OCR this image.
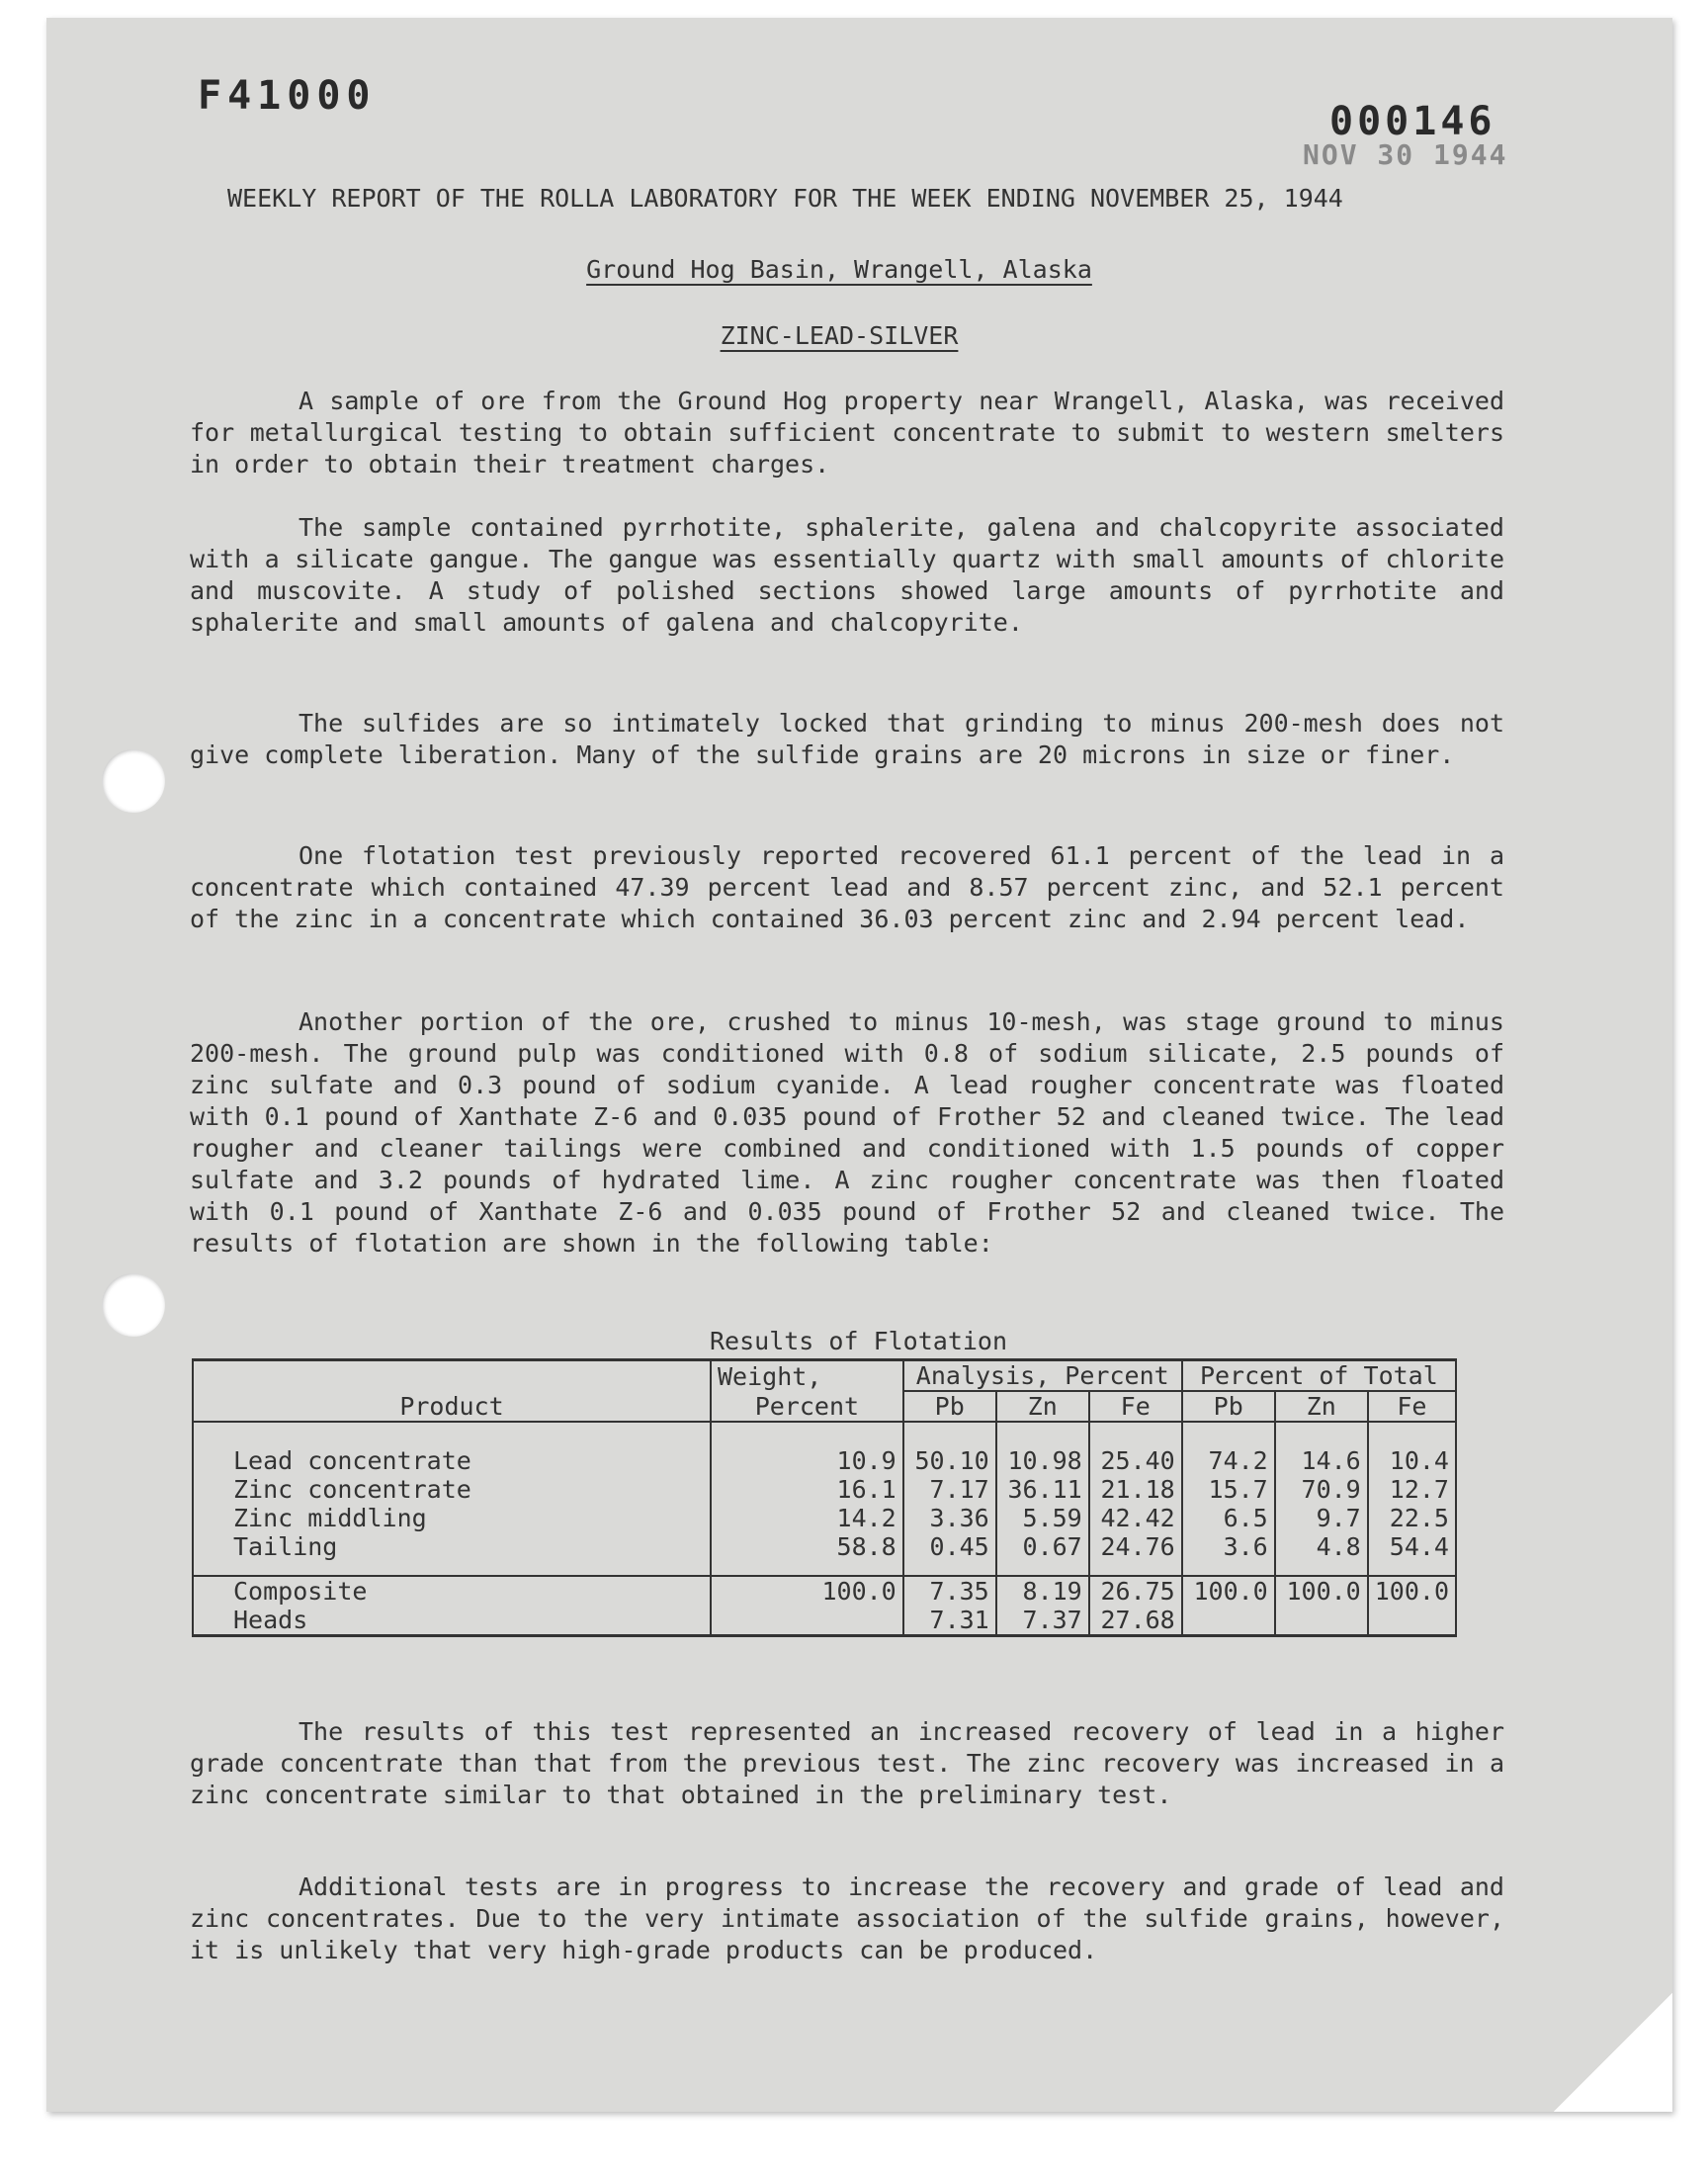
F41000
000146
NOV 30 1944
WEEKLY REPORT OF THE ROLLA LABORATORY FOR THE WEEK ENDING NOVEMBER 25, 1944
Ground Hog Basin, Wrangell, Alaska
ZINC-LEAD-SILVER

A sample of ore from the Ground Hog property near Wrangell, Alaska, was received for metallurgical testing to obtain sufficient concentrate to submit to western smelters in order to obtain their treatment charges.

The sample contained pyrrhotite, sphalerite, galena and chalcopyrite associated with a silicate gangue. The gangue was essentially quartz with small amounts of chlorite and muscovite. A study of polished sections showed large amounts of pyrrhotite and sphalerite and small amounts of galena and chalcopyrite.

The sulfides are so intimately locked that grinding to minus 200-mesh does not give complete liberation. Many of the sulfide grains are 20 microns in size or finer.

One flotation test previously reported recovered 61.1 percent of the lead in a concentrate which contained 47.39 percent lead and 8.57 percent zinc, and 52.1 percent of the zinc in a concentrate which contained 36.03 percent zinc and 2.94 percent lead.

Another portion of the ore, crushed to minus 10-mesh, was stage ground to minus 200-mesh. The ground pulp was conditioned with 0.8 of sodium silicate, 2.5 pounds of zinc sulfate and 0.3 pound of sodium cyanide. A lead rougher concentrate was floated with 0.1 pound of Xanthate Z-6 and 0.035 pound of Frother 52 and cleaned twice. The lead rougher and cleaner tailings were combined and conditioned with 1.5 pounds of copper sulfate and 3.2 pounds of hydrated lime. A zinc rougher concentrate was then floated with 0.1 pound of Xanthate Z-6 and 0.035 pound of Frother 52 and cleaned twice. The results of flotation are shown in the following table:

Results of Flotation
	Weight,	Analysis, Percent			Percent of Total		
Product	Percent	Pb	Zn	Fe	Pb	Zn	Fe

Lead concentrate	10.9	50.10	10.98	25.40	74.2	14.6	10.4
Zinc concentrate	16.1	7.17	36.11	21.18	15.7	70.9	12.7
Zinc middling	14.2	3.36	5.59	42.42	6.5	9.7	22.5
Tailing	58.8	0.45	0.67	24.76	3.6	4.8	54.4

Composite	100.0	7.35	8.19	26.75	100.0	100.0	100.0
Heads		7.31	7.37	27.68			

The results of this test represented an increased recovery of lead in a higher grade concentrate than that from the previous test. The zinc recovery was increased in a zinc concentrate similar to that obtained in the preliminary test.

Additional tests are in progress to increase the recovery and grade of lead and zinc concentrates. Due to the very intimate association of the sulfide grains, however, it is unlikely that very high-grade products can be produced.
